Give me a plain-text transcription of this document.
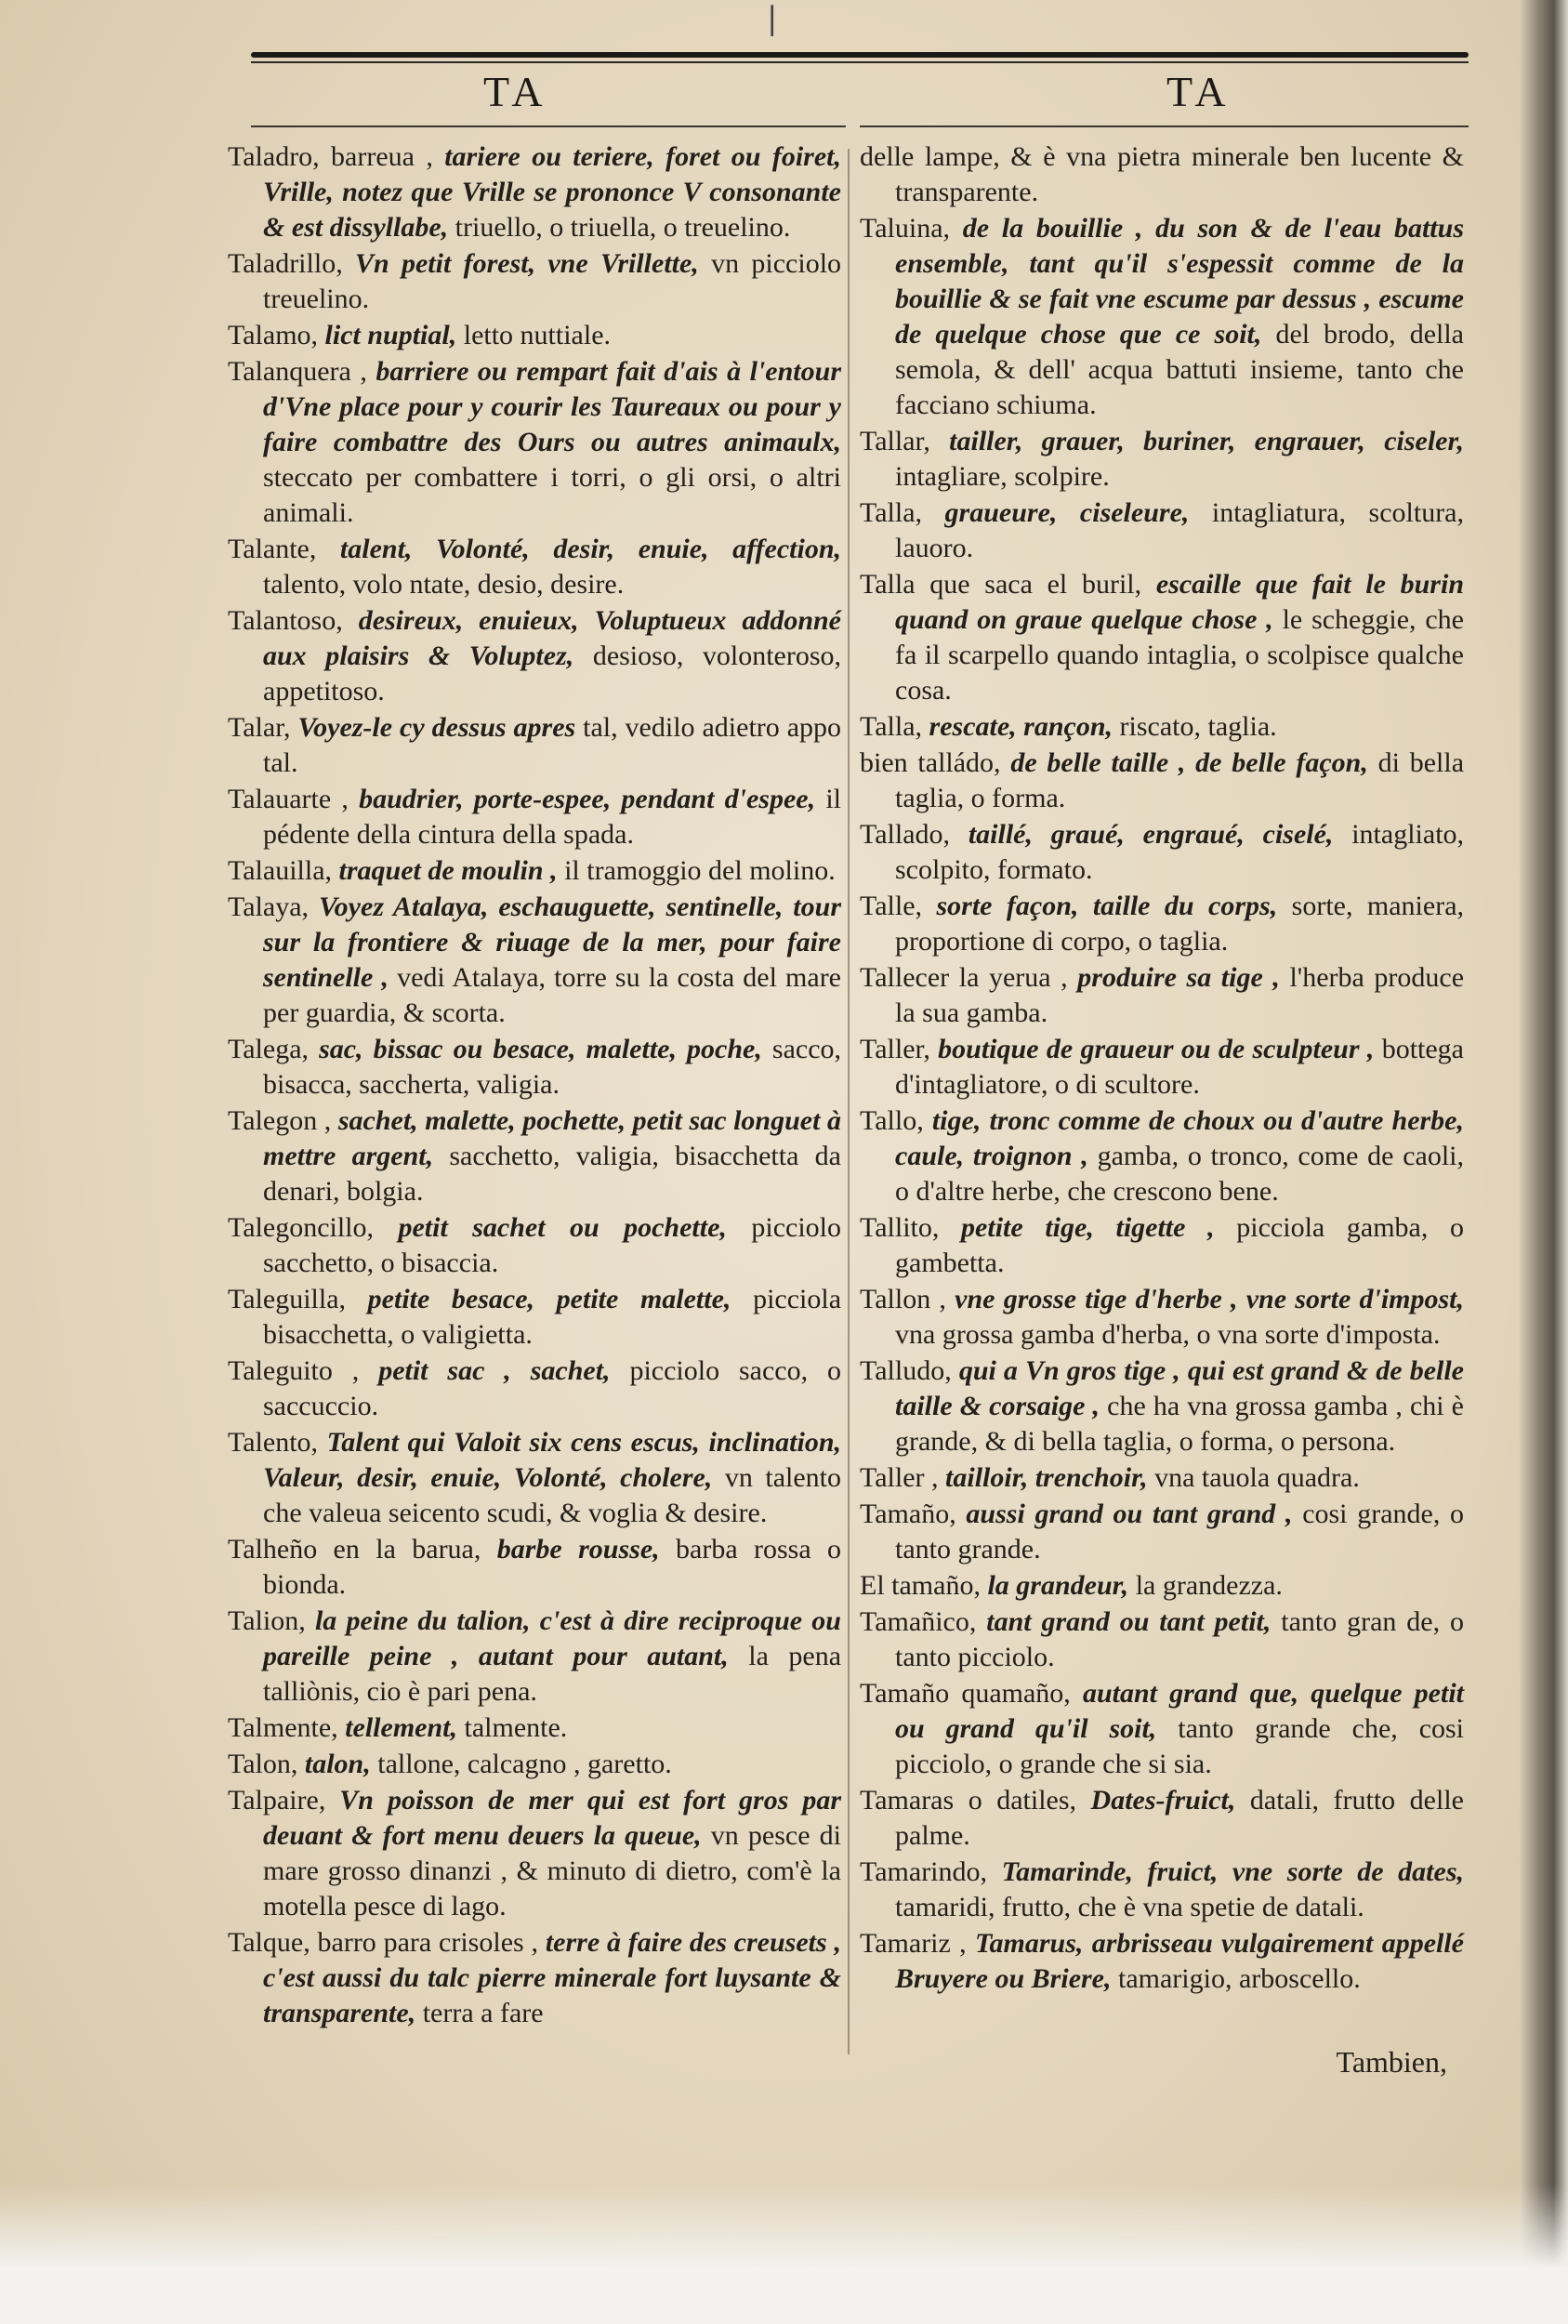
|
TA	TA

Taladro, barreua , tariere ou teriere, foret ou foiret, Vrille, notez que Vrille se prononce V consonante & est dissyllabe, triuello, o triuella, o treuelino.

Taladrillo, Vn petit forest, vne Vrillette, vn picciolo treuelino.

Talamo, lict nuptial, letto nuttiale.

Talanquera , barriere ou rempart fait d'ais à l'entour d'Vne place pour y courir les Taureaux ou pour y faire combattre des Ours ou autres animaulx, steccato per combattere i torri, o gli orsi, o altri animali.

Talante, talent, Volonté, desir, enuie, affection, talento, volo ntate, desio, desire.

Talantoso, desireux, enuieux, Voluptueux addonné aux plaisirs & Voluptez, desioso, volonteroso, appetitoso.

Talar, Voyez-le cy dessus apres tal, vedilo adietro appo tal.

Talauarte , baudrier, porte-espee, pendant d'espee, il pédente della cintura della spada.

Talauilla, traquet de moulin , il tramoggio del molino.

Talaya, Voyez Atalaya, eschauguette, sentinelle, tour sur la frontiere & riuage de la mer, pour faire sentinelle , vedi Atalaya, torre su la costa del mare per guardia, & scorta.

Talega, sac, bissac ou besace, malette, poche, sacco, bisacca, saccherta, valigia.

Talegon , sachet, malette, pochette, petit sac longuet à mettre argent, sacchetto, valigia, bisacchetta da denari, bolgia.

Talegoncillo, petit sachet ou pochette, picciolo sacchetto, o bisaccia.

Taleguilla, petite besace, petite malette, picciola bisacchetta, o valigietta.

Taleguito , petit sac , sachet, picciolo sacco, o saccuccio.

Talento, Talent qui Valoit six cens escus, inclination, Valeur, desir, enuie, Volonté, cholere, vn talento che valeua seicento scudi, & voglia & desire.

Talheño en la barua, barbe rousse, barba rossa o bionda.

Talion, la peine du talion, c'est à dire reciproque ou pareille peine , autant pour autant, la pena talliònis, cio è pari pena.

Talmente, tellement, talmente.

Talon, talon, tallone, calcagno , garetto.

Talpaire, Vn poisson de mer qui est fort gros par deuant & fort menu deuers la queue, vn pesce di mare grosso dinanzi , & minuto di dietro, com'è la motella pesce di lago.

Talque, barro para crisoles , terre à faire des creusets , c'est aussi du talc pierre minerale fort luysante & transparente, terra a fare

delle lampe, & è vna pietra minerale ben lucente & transparente.

Taluina, de la bouillie , du son & de l'eau battus ensemble, tant qu'il s'espessit comme de la bouillie & se fait vne escume par dessus , escume de quelque chose que ce soit, del brodo, della semola, & dell' acqua battuti insieme, tanto che facciano schiuma.

Tallar, tailler, grauer, buriner, engrauer, ciseler, intagliare, scolpire.

Talla, graueure, ciseleure, intagliatura, scoltura, lauoro.

Talla que saca el buril, escaille que fait le burin quand on graue quelque chose , le scheggie, che fa il scarpello quando intaglia, o scolpisce qualche cosa.

Talla, rescate, rançon, riscato, taglia.

bien talládo, de belle taille , de belle façon, di bella taglia, o forma.

Tallado, taillé, graué, engraué, ciselé, intagliato, scolpito, formato.

Talle, sorte façon, taille du corps, sorte, maniera, proportione di corpo, o taglia.

Tallecer la yerua , produire sa tige , l'herba produce la sua gamba.

Taller, boutique de graueur ou de sculpteur , bottega d'intagliatore, o di scultore.

Tallo, tige, tronc comme de choux ou d'autre herbe, caule, troignon , gamba, o tronco, come de caoli, o d'altre herbe, che crescono bene.

Tallito, petite tige, tigette , picciola gamba, o gambetta.

Tallon , vne grosse tige d'herbe , vne sorte d'impost, vna grossa gamba d'herba, o vna sorte d'imposta.

Talludo, qui a Vn gros tige , qui est grand & de belle taille & corsaige , che ha vna grossa gamba , chi è grande, & di bella taglia, o forma, o persona.

Taller , tailloir, trenchoir, vna tauola quadra.

Tamaño, aussi grand ou tant grand , cosi grande, o tanto grande.

El tamaño, la grandeur, la grandezza.

Tamañico, tant grand ou tant petit, tanto gran de, o tanto picciolo.

Tamaño quamaño, autant grand que, quelque petit ou grand qu'il soit, tanto grande che, cosi picciolo, o grande che si sia.

Tamaras o datiles, Dates-fruict, datali, frutto delle palme.

Tamarindo, Tamarinde, fruict, vne sorte de dates, tamaridi, frutto, che è vna spetie de datali.

Tamariz , Tamarus, arbrisseau vulgairement appellé Bruyere ou Briere, tamarigio, arboscello.

Tambien,
